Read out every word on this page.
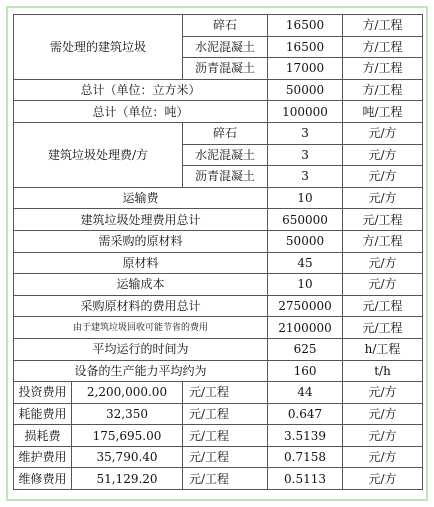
需处理的建筑垃圾		碎石	16500	方/工程
		水泥混凝土	16500	方/工程
		沥青混凝土	17000	方/工程
总计（单位：立方米）			50000	方/工程
总计（单位：吨）			100000	吨/工程
建筑垃圾处理费/方		碎石	3	元/方
		水泥混凝土	3	元/方
		沥青混凝土	3	元/方
运输费			10	元/方
建筑垃圾处理费用总计			650000	元/工程
需采购的原材料			50000	方/工程
原材料			45	元/方
运输成本			10	元/方
采购原材料的费用总计			2750000	元/工程
由于建筑垃圾回收可能节省的费用			2100000	元/工程
平均运行的时间为			625	h/工程
设备的生产能力平均约为			160	t/h
投资费用	2,200,000.00	元/工程	44	元/方
耗能费用	32,350	元/工程	0.647	元/方
损耗费	175,695.00	元/工程	3.5139	元/方
维护费用	35,790.40	元/工程	0.7158	元/方
维修费用	51,129.20	元/工程	0.5113	元/方
